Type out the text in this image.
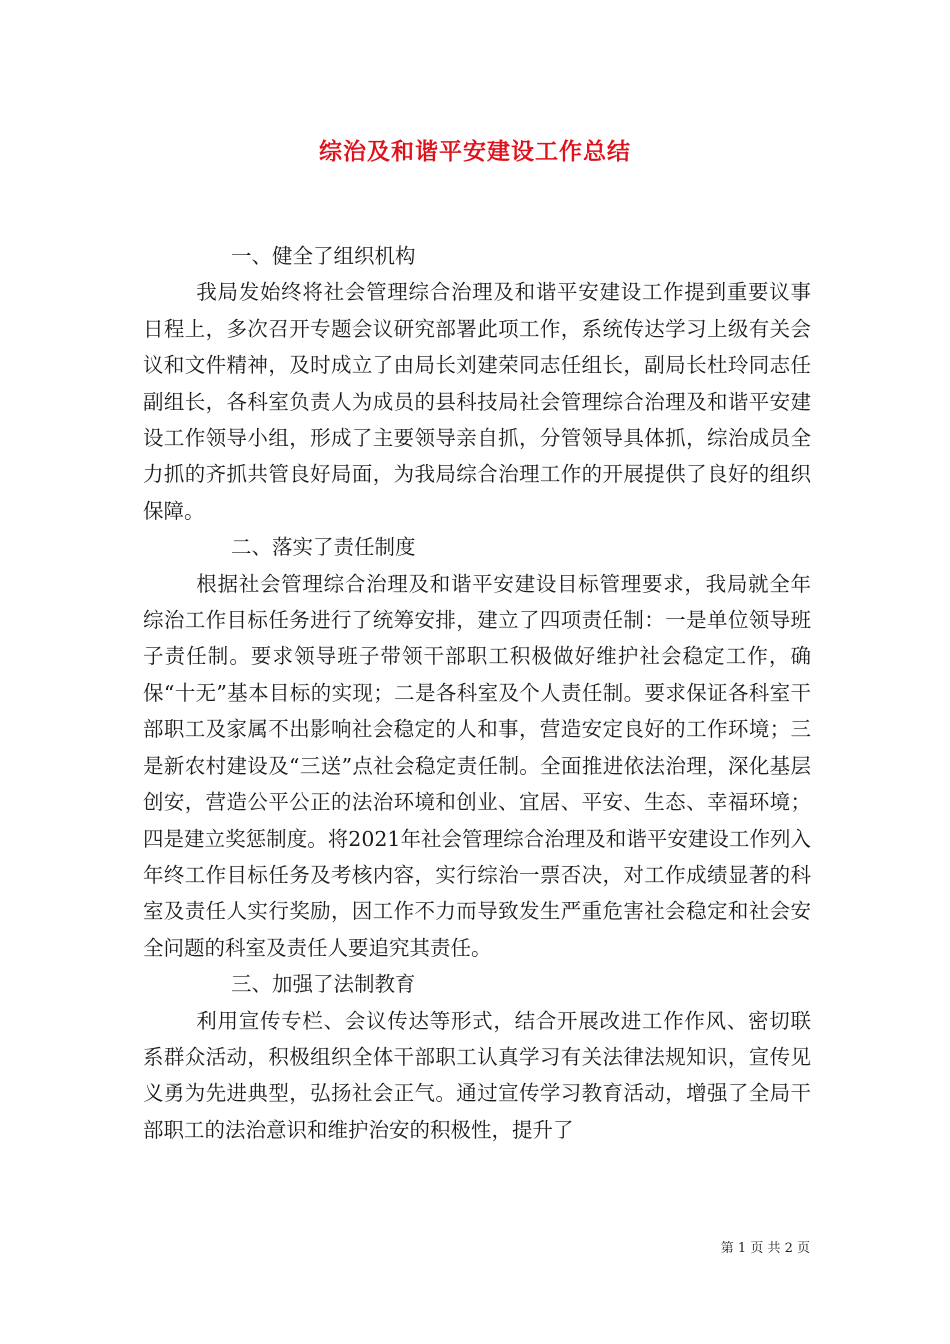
综治及和谐平安建设工作总结

一、健全了组织机构

我局发始终将社会管理综合治理及和谐平安建设工作提到重要议事日程上，多次召开专题会议研究部署此项工作，系统传达学习上级有关会议和文件精神，及时成立了由局长刘建荣同志任组长，副局长杜玲同志任副组长，各科室负责人为成员的县科技局社会管理综合治理及和谐平安建设工作领导小组，形成了主要领导亲自抓，分管领导具体抓，综治成员全力抓的齐抓共管良好局面，为我局综合治理工作的开展提供了良好的组织保障。

二、落实了责任制度

根据社会管理综合治理及和谐平安建设目标管理要求，我局就全年综治工作目标任务进行了统筹安排，建立了四项责任制：一是单位领导班子责任制。要求领导班子带领干部职工积极做好维护社会稳定工作，确保“十无”基本目标的实现；二是各科室及个人责任制。要求保证各科室干部职工及家属不出影响社会稳定的人和事，营造安定良好的工作环境；三是新农村建设及“三送”点社会稳定责任制。全面推进依法治理，深化基层创安，营造公平公正的法治环境和创业、宜居、平安、生态、幸福环境；四是建立奖惩制度。将2021年社会管理综合治理及和谐平安建设工作列入年终工作目标任务及考核内容，实行综治一票否决，对工作成绩显著的科室及责任人实行奖励，因工作不力而导致发生严重危害社会稳定和社会安全问题的科室及责任人要追究其责任。

三、加强了法制教育

利用宣传专栏、会议传达等形式，结合开展改进工作作风、密切联系群众活动，积极组织全体干部职工认真学习有关法律法规知识，宣传见义勇为先进典型，弘扬社会正气。通过宣传学习教育活动，增强了全局干部职工的法治意识和维护治安的积极性，提升了

第 1 页 共 2 页
